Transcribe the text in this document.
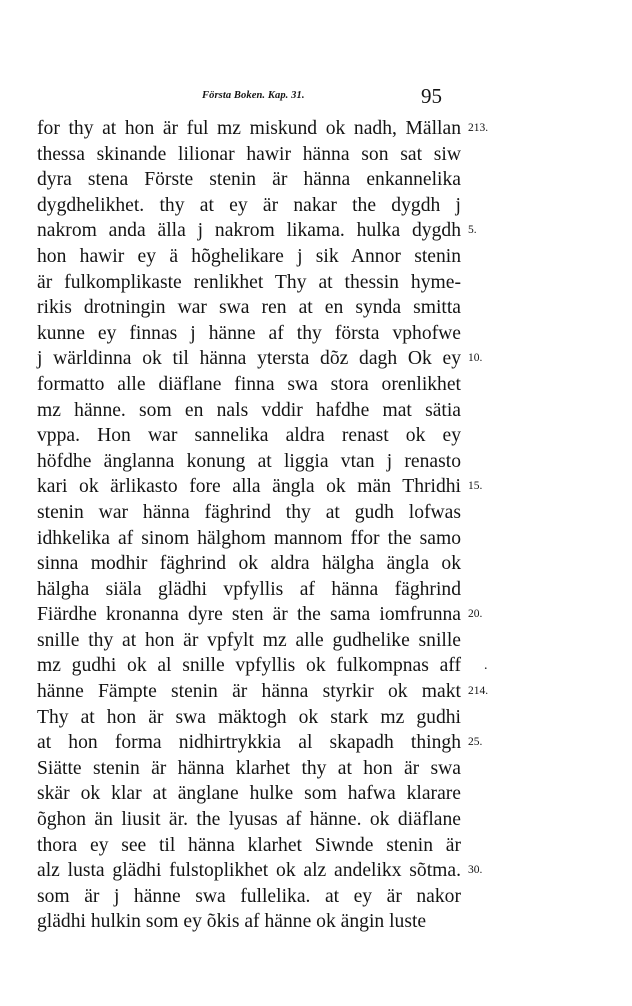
Första Boken. Kap. 31.	95
for thy at hon är ful mz miskund ok nadh, Mällan 213.
thessa skinande lilionar hawir hänna son sat siw
dyra stena Förste stenin är hänna enkannelika
dygdhelikhet. thy at ey är nakar the dygdh j
nakrom anda älla j nakrom likama. hulka dygdh 5.
hon hawir ey ä hõghelikare j sik Annor stenin
är fulkomplikaste renlikhet Thy at thessin hyme-
rikis drotningin war swa ren at en synda smitta
kunne ey finnas j hänne af thy första vphofwe
j wärldinna ok til hänna ytersta dõz dagh Ok ey 10.
formatto alle diäflane finna swa stora orenlikhet
mz hänne. som en nals vddir hafdhe mat sätia
vppa. Hon war sannelika aldra renast ok ey
höfdhe änglanna konung at liggia vtan j renasto
kari ok ärlikasto fore alla ängla ok män Thridhi 15.
stenin war hänna fäghrind thy at gudh lofwas
idhkelika af sinom hälghom mannom ffor the samo
sinna modhir fäghrind ok aldra hälgha ängla ok
hälgha siäla glädhi vpfyllis af hänna fäghrind
Fiärdhe kronanna dyre sten är the sama iomfrunna 20.
snille thy at hon är vpfylt mz alle gudhelike snille
mz gudhi ok al snille vpfyllis ok fulkompnas aff .
hänne Fämpte stenin är hänna styrkir ok makt 214.
Thy at hon är swa mäktogh ok stark mz gudhi
at hon forma nidhirtrykkia al skapadh thingh 25.
Siätte stenin är hänna klarhet thy at hon är swa
skär ok klar at änglane hulke som hafwa klarare
õghon än liusit är. the lyusas af hänne. ok diäflane
thora ey see til hänna klarhet Siwnde stenin är
alz lusta glädhi fulstoplikhet ok alz andelikx sõtma. 30.
som är j hänne swa fullelika. at ey är nakor
glädhi hulkin som ey õkis af hänne ok ängin luste
